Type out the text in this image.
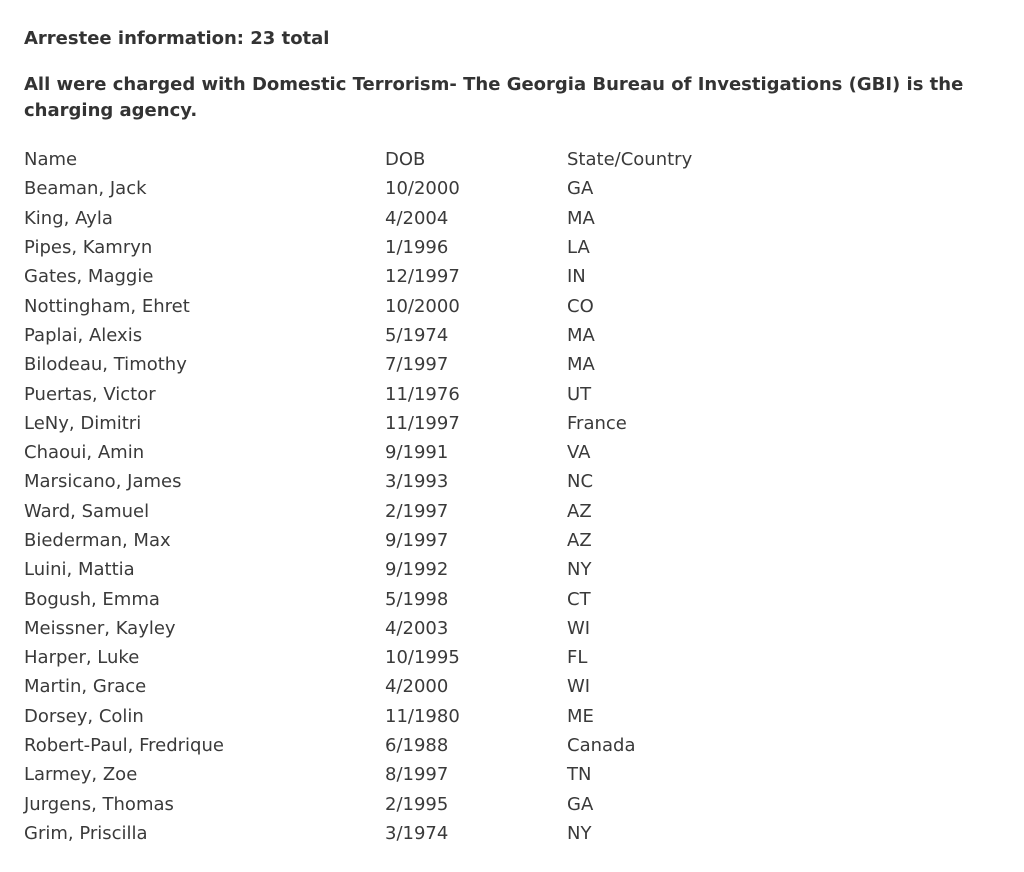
Arrestee information: 23 total

All were charged with Domestic Terrorism- The Georgia Bureau of Investigations (GBI) is the charging agency.

Name	DOB	State/Country
Beaman, Jack	10/2000	GA
King, Ayla	4/2004	MA
Pipes, Kamryn	1/1996	LA
Gates, Maggie	12/1997	IN
Nottingham, Ehret	10/2000	CO
Paplai, Alexis	5/1974	MA
Bilodeau, Timothy	7/1997	MA
Puertas, Victor	11/1976	UT
LeNy, Dimitri	11/1997	France
Chaoui, Amin	9/1991	VA
Marsicano, James	3/1993	NC
Ward, Samuel	2/1997	AZ
Biederman, Max	9/1997	AZ
Luini, Mattia	9/1992	NY
Bogush, Emma	5/1998	CT
Meissner, Kayley	4/2003	WI
Harper, Luke	10/1995	FL
Martin, Grace	4/2000	WI
Dorsey, Colin	11/1980	ME
Robert-Paul, Fredrique	6/1988	Canada
Larmey, Zoe	8/1997	TN
Jurgens, Thomas	2/1995	GA
Grim, Priscilla	3/1974	NY
